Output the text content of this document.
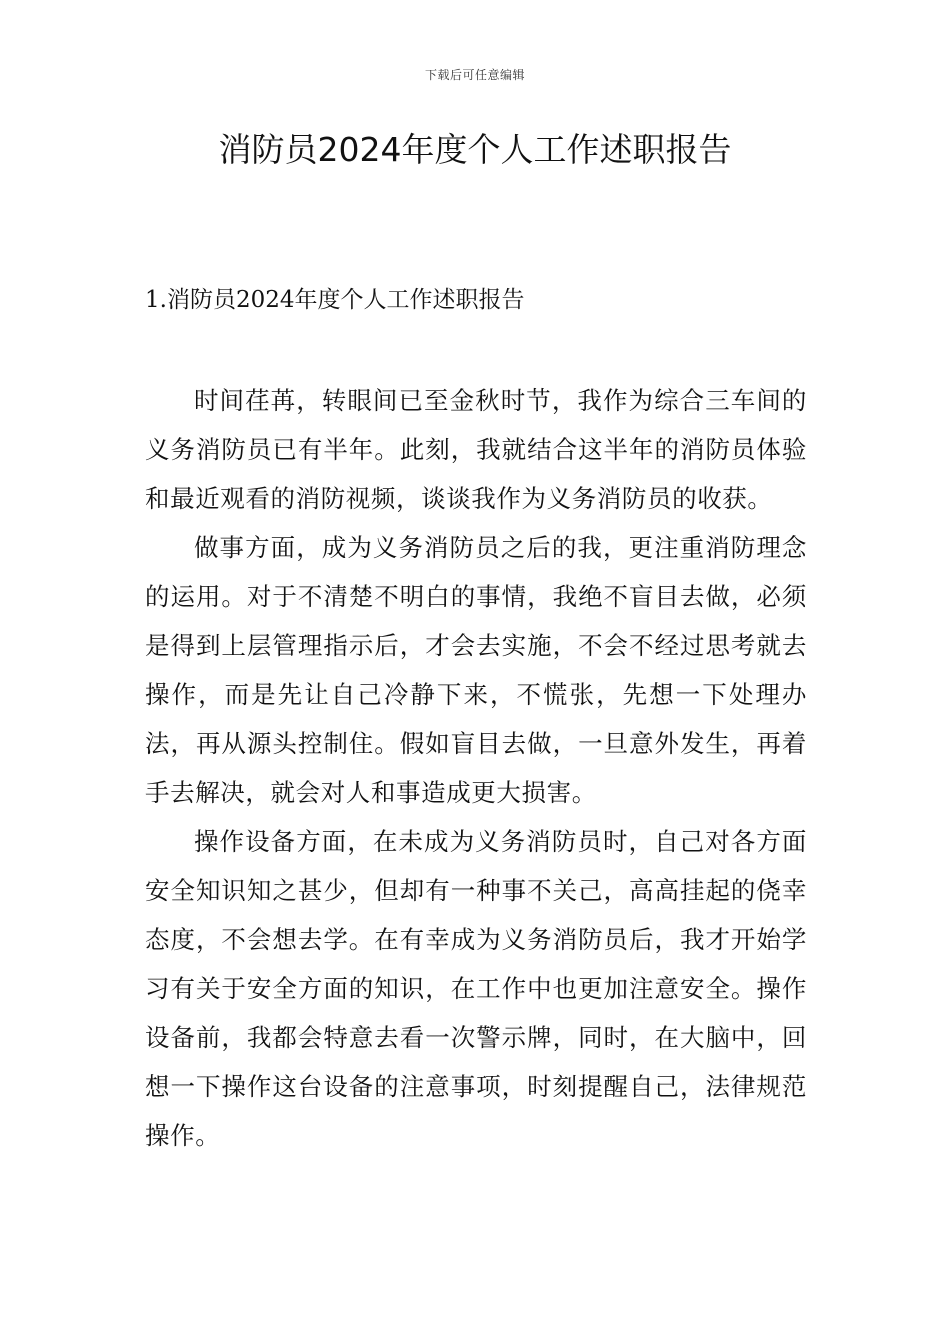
下载后可任意编辑
消防员2024年度个人工作述职报告
1.消防员2024年度个人工作述职报告

时间荏苒，转眼间已至金秋时节，我作为综合三车间的义务消防员已有半年。此刻，我就结合这半年的消防员体验和最近观看的消防视频，谈谈我作为义务消防员的收获。

做事方面，成为义务消防员之后的我，更注重消防理念的运用。对于不清楚不明白的事情，我绝不盲目去做，必须是得到上层管理指示后，才会去实施，不会不经过思考就去操作，而是先让自己冷静下来，不慌张，先想一下处理办法，再从源头控制住。假如盲目去做，一旦意外发生，再着手去解决，就会对人和事造成更大损害。

操作设备方面，在未成为义务消防员时，自己对各方面安全知识知之甚少，但却有一种事不关己，高高挂起的侥幸态度，不会想去学。在有幸成为义务消防员后，我才开始学习有关于安全方面的知识，在工作中也更加注意安全。操作设备前，我都会特意去看一次警示牌，同时，在大脑中，回想一下操作这台设备的注意事项，时刻提醒自己，法律规范操作。
